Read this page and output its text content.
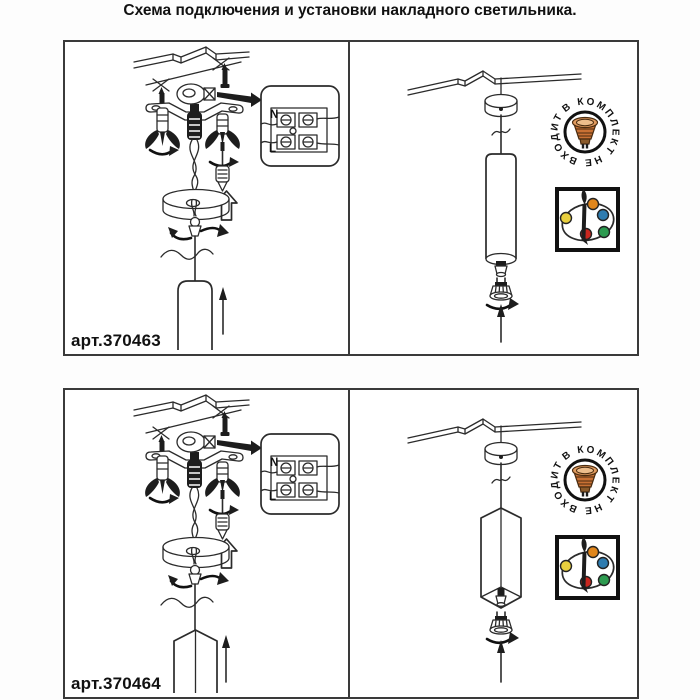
Схема подключения и установки накладного светильника.
N
L
В КОМПЛЕКТ НЕ ВХОДИТ
арт.370463
N
L
В КОМПЛЕКТ НЕ ВХОДИТ
арт.370464
